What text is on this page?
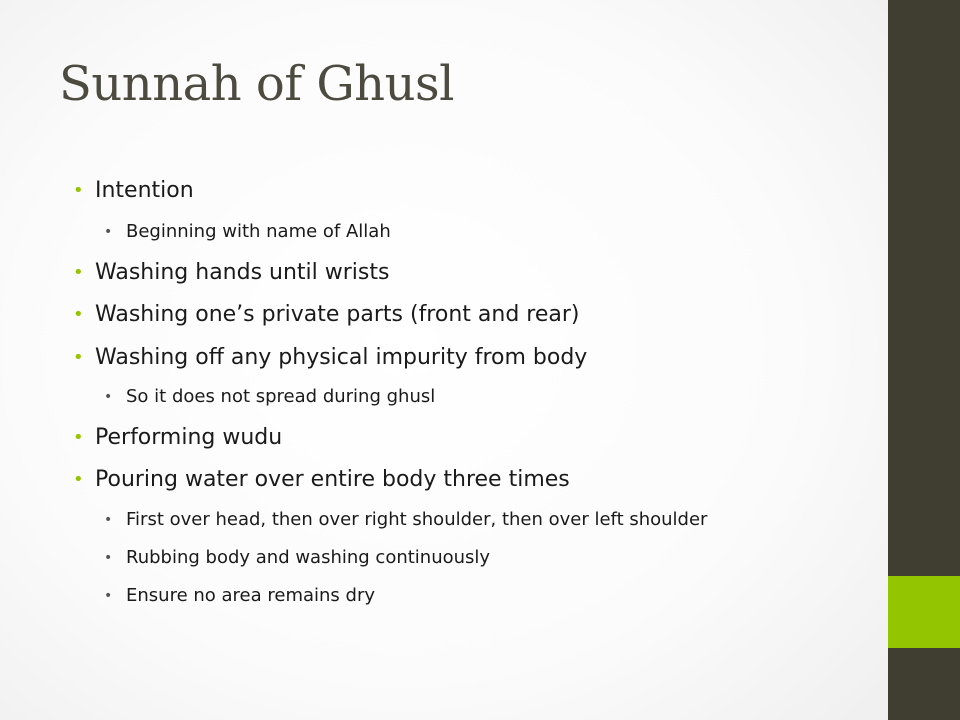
Sunnah of Ghusl
• Intention
• Beginning with name of Allah
• Washing hands until wrists
• Washing one’s private parts (front and rear)
• Washing off any physical impurity from body
• So it does not spread during ghusl
• Performing wudu
• Pouring water over entire body three times
• First over head, then over right shoulder, then over left shoulder
• Rubbing body and washing continuously
• Ensure no area remains dry
